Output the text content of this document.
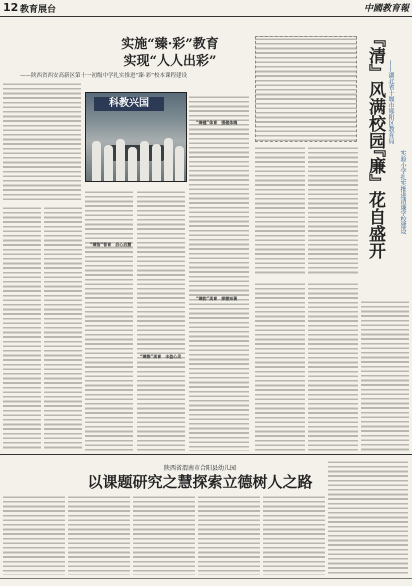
12 教育展台	中國教育報
实施“臻·彩”教育
实现“人人出彩”
——陕西省西安高新区第十一初级中学扎实推进“臻·彩”校本课程建设
“臻智”智育　启心启慧
“臻雅”美育　丰盈心灵
“臻健”体育　强健体魄
“臻韵”美育　探微知著
科教兴国	『清』风满校园 ——湖北省十堰市郧阳区教育局
『廉』花自盛开	实验小学扎实推进清廉学校建设
陕西省渭南市合阳县幼儿园
以课题研究之慧探索立德树人之路
